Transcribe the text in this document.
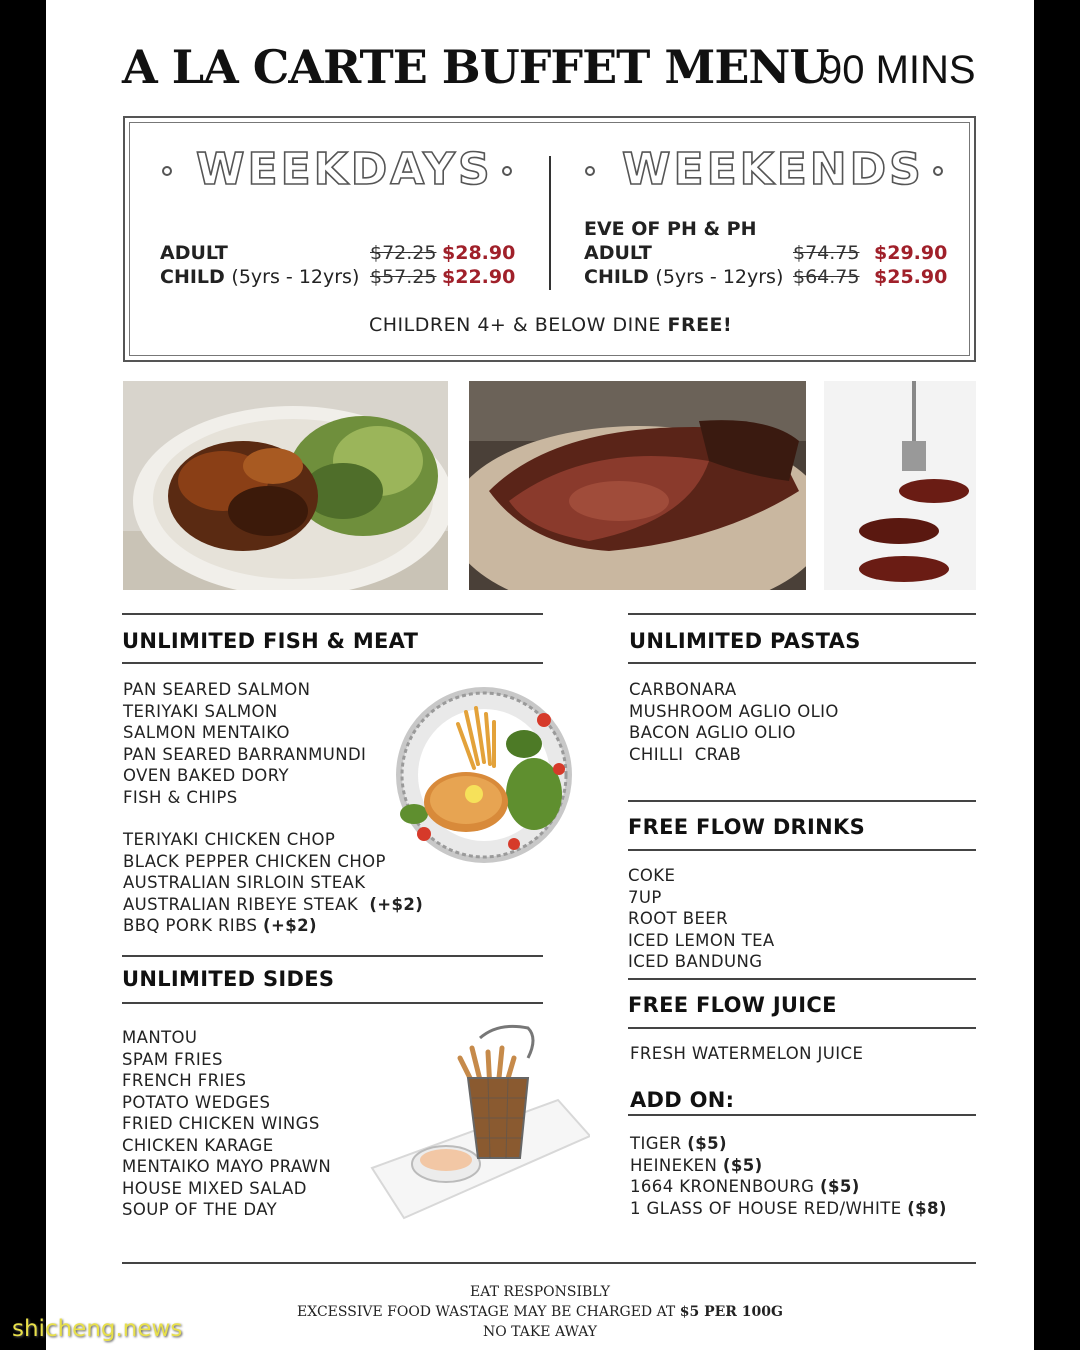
A LA CARTE BUFFET MENU
90 MINS
WEEKDAYS	WEEKENDS
ADULT	$72.25 $28.90
CHILD (5yrs - 12yrs) $57.25 $22.90
EVE OF PH & PH
ADULT	$74.75 $29.90
CHILD (5yrs - 12yrs) $64.75 $25.90
CHILDREN 4+ & BELOW DINE FREE!
UNLIMITED FISH & MEAT
PAN SEARED SALMON
TERIYAKI SALMON
SALMON MENTAIKO
PAN SEARED BARRANMUNDI
OVEN BAKED DORY
FISH & CHIPS
TERIYAKI CHICKEN CHOP
BLACK PEPPER CHICKEN CHOP
AUSTRALIAN SIRLOIN STEAK
AUSTRALIAN RIBEYE STEAK (+$2)
BBQ PORK RIBS (+$2)
UNLIMITED SIDES
MANTOU
SPAM FRIES
FRENCH FRIES
POTATO WEDGES
FRIED CHICKEN WINGS
CHICKEN KARAGE
MENTAIKO MAYO PRAWN
HOUSE MIXED SALAD
SOUP OF THE DAY
UNLIMITED PASTAS
CARBONARA
MUSHROOM AGLIO OLIO
BACON AGLIO OLIO
CHILLI  CRAB
FREE FLOW DRINKS
COKE
7UP
ROOT BEER
ICED LEMON TEA
ICED BANDUNG
FREE FLOW JUICE
FRESH WATERMELON JUICE
ADD ON:
TIGER ($5)
HEINEKEN ($5)
1664 KRONENBOURG ($5)
1 GLASS OF HOUSE RED/WHITE ($8)
EAT RESPONSIBLY
EXCESSIVE FOOD WASTAGE MAY BE CHARGED AT $5 PER 100G
NO TAKE AWAY
shicheng.news
